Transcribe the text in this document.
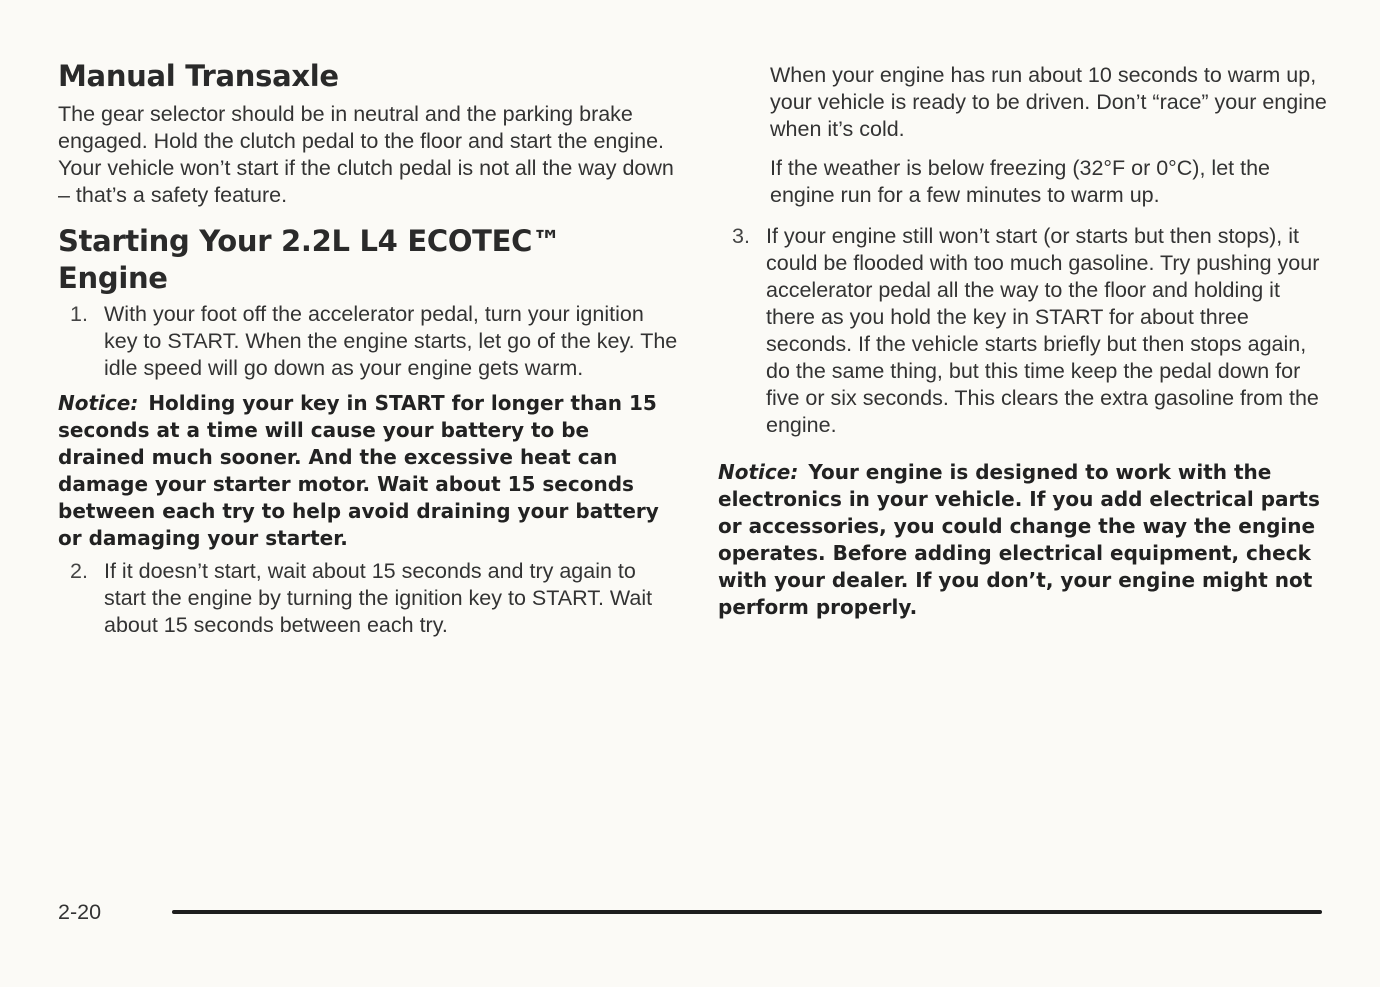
Manual Transaxle

The gear selector should be in neutral and the parking brake engaged. Hold the clutch pedal to the floor and start the engine. Your vehicle won’t start if the clutch pedal is not all the way down – that’s a safety feature.

Starting Your 2.2L L4 ECOTEC™ Engine
1. With your foot off the accelerator pedal, turn your ignition key to START. When the engine starts, let go of the key. The idle speed will go down as your engine gets warm.

Notice: Holding your key in START for longer than 15 seconds at a time will cause your battery to be drained much sooner. And the excessive heat can damage your starter motor. Wait about 15 seconds between each try to help avoid draining your battery or damaging your starter.

2. If it doesn’t start, wait about 15 seconds and try again to start the engine by turning the ignition key to START. Wait about 15 seconds between each try.

When your engine has run about 10 seconds to warm up, your vehicle is ready to be driven. Don’t “race” your engine when it’s cold.

If the weather is below freezing (32°F or 0°C), let the engine run for a few minutes to warm up.

3. If your engine still won’t start (or starts but then stops), it could be flooded with too much gasoline. Try pushing your accelerator pedal all the way to the floor and holding it there as you hold the key in START for about three seconds. If the vehicle starts briefly but then stops again, do the same thing, but this time keep the pedal down for five or six seconds. This clears the extra gasoline from the engine.

Notice: Your engine is designed to work with the electronics in your vehicle. If you add electrical parts or accessories, you could change the way the engine operates. Before adding electrical equipment, check with your dealer. If you don’t, your engine might not perform properly.

2-20
